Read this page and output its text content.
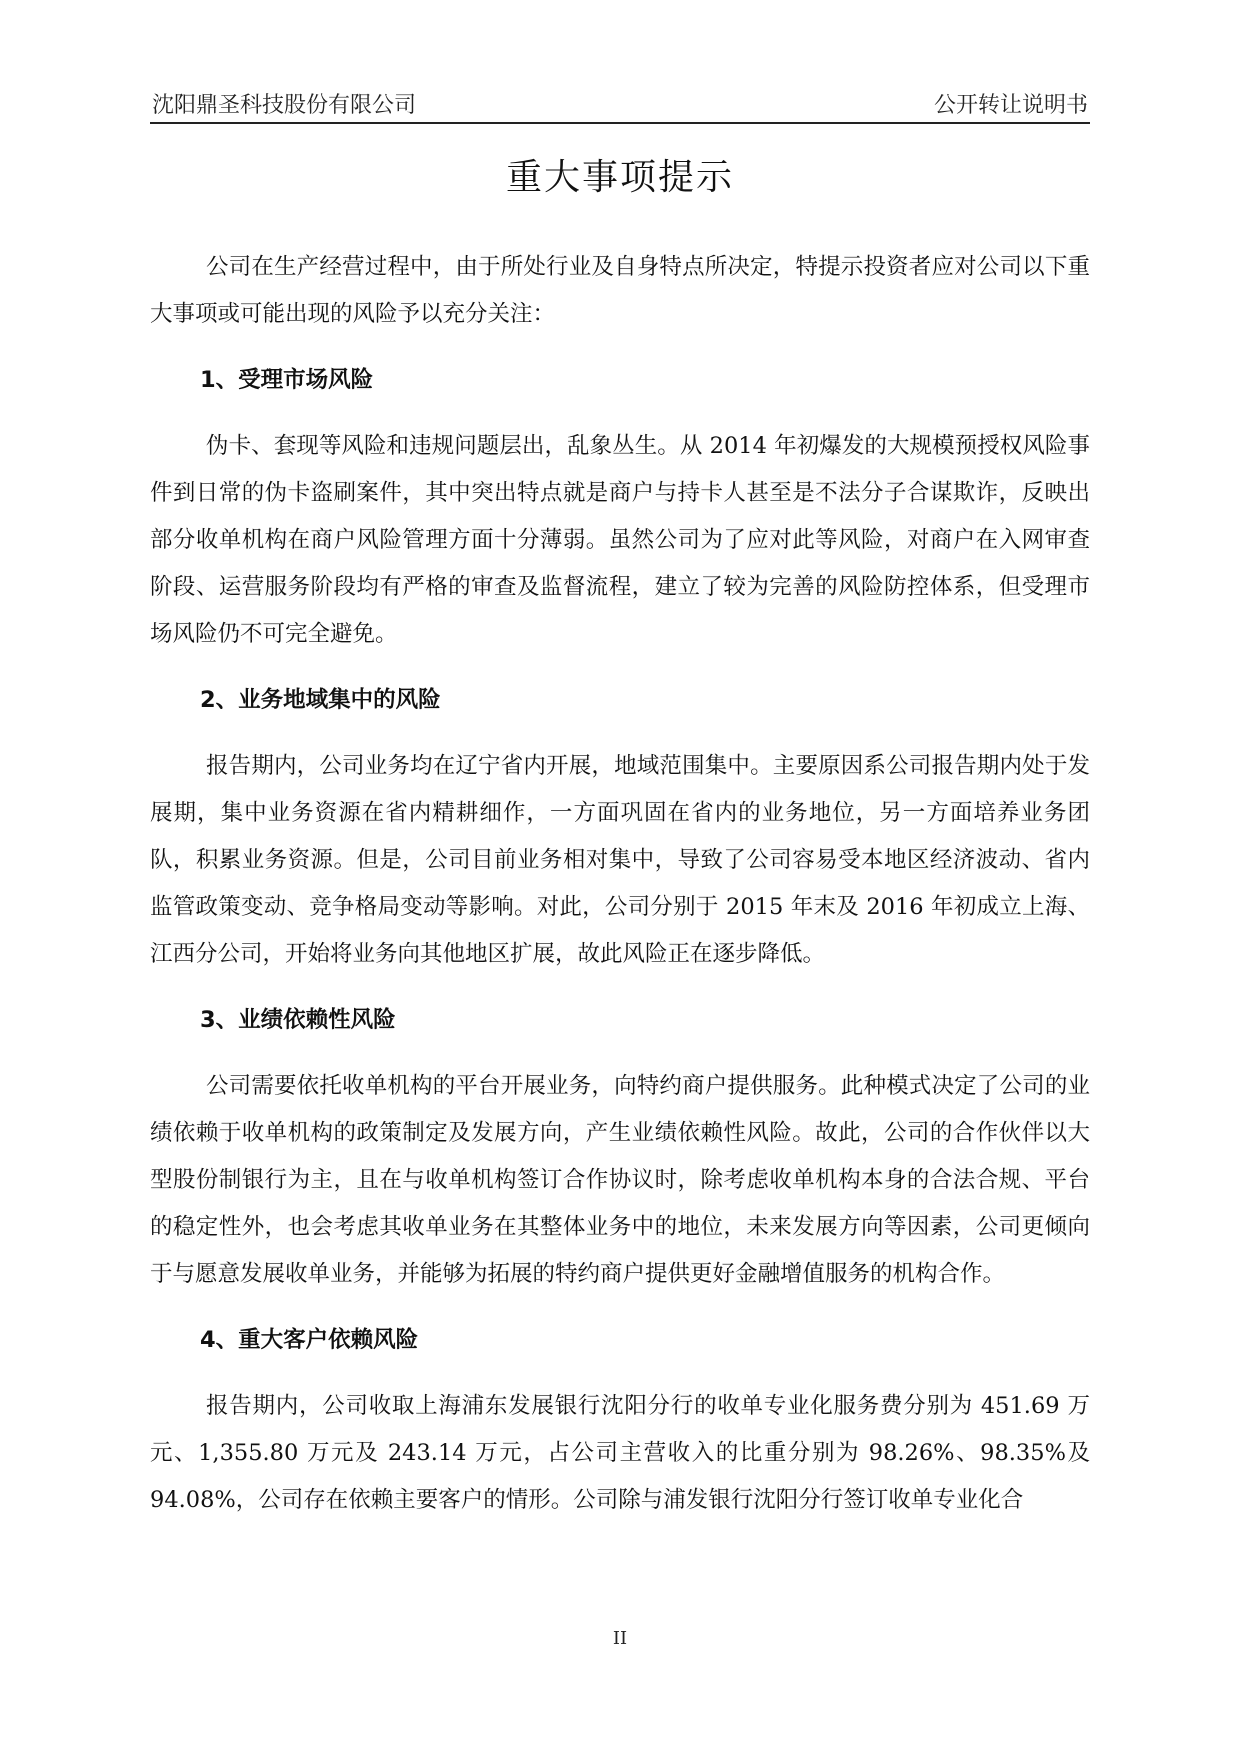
沈阳鼎圣科技股份有限公司	公开转让说明书
重大事项提示

公司在生产经营过程中，由于所处行业及自身特点所决定，特提示投资者应对公司以下重大事项或可能出现的风险予以充分关注：

1、受理市场风险

伪卡、套现等风险和违规问题层出，乱象丛生。从 2014 年初爆发的大规模预授权风险事件到日常的伪卡盗刷案件，其中突出特点就是商户与持卡人甚至是不法分子合谋欺诈，反映出部分收单机构在商户风险管理方面十分薄弱。虽然公司为了应对此等风险，对商户在入网审查阶段、运营服务阶段均有严格的审查及监督流程，建立了较为完善的风险防控体系，但受理市场风险仍不可完全避免。

2、业务地域集中的风险

报告期内，公司业务均在辽宁省内开展，地域范围集中。主要原因系公司报告期内处于发展期，集中业务资源在省内精耕细作，一方面巩固在省内的业务地位，另一方面培养业务团队，积累业务资源。但是，公司目前业务相对集中，导致了公司容易受本地区经济波动、省内监管政策变动、竞争格局变动等影响。对此，公司分别于 2015 年末及 2016 年初成立上海、江西分公司，开始将业务向其他地区扩展，故此风险正在逐步降低。

3、业绩依赖性风险

公司需要依托收单机构的平台开展业务，向特约商户提供服务。此种模式决定了公司的业绩依赖于收单机构的政策制定及发展方向，产生业绩依赖性风险。故此，公司的合作伙伴以大型股份制银行为主，且在与收单机构签订合作协议时，除考虑收单机构本身的合法合规、平台的稳定性外，也会考虑其收单业务在其整体业务中的地位，未来发展方向等因素，公司更倾向于与愿意发展收单业务，并能够为拓展的特约商户提供更好金融增值服务的机构合作。

4、重大客户依赖风险

报告期内，公司收取上海浦东发展银行沈阳分行的收单专业化服务费分别为 451.69 万元、1,355.80 万元及 243.14 万元，占公司主营收入的比重分别为 98.26%、98.35%及 94.08%，公司存在依赖主要客户的情形。公司除与浦发银行沈阳分行签订收单专业化合

II
